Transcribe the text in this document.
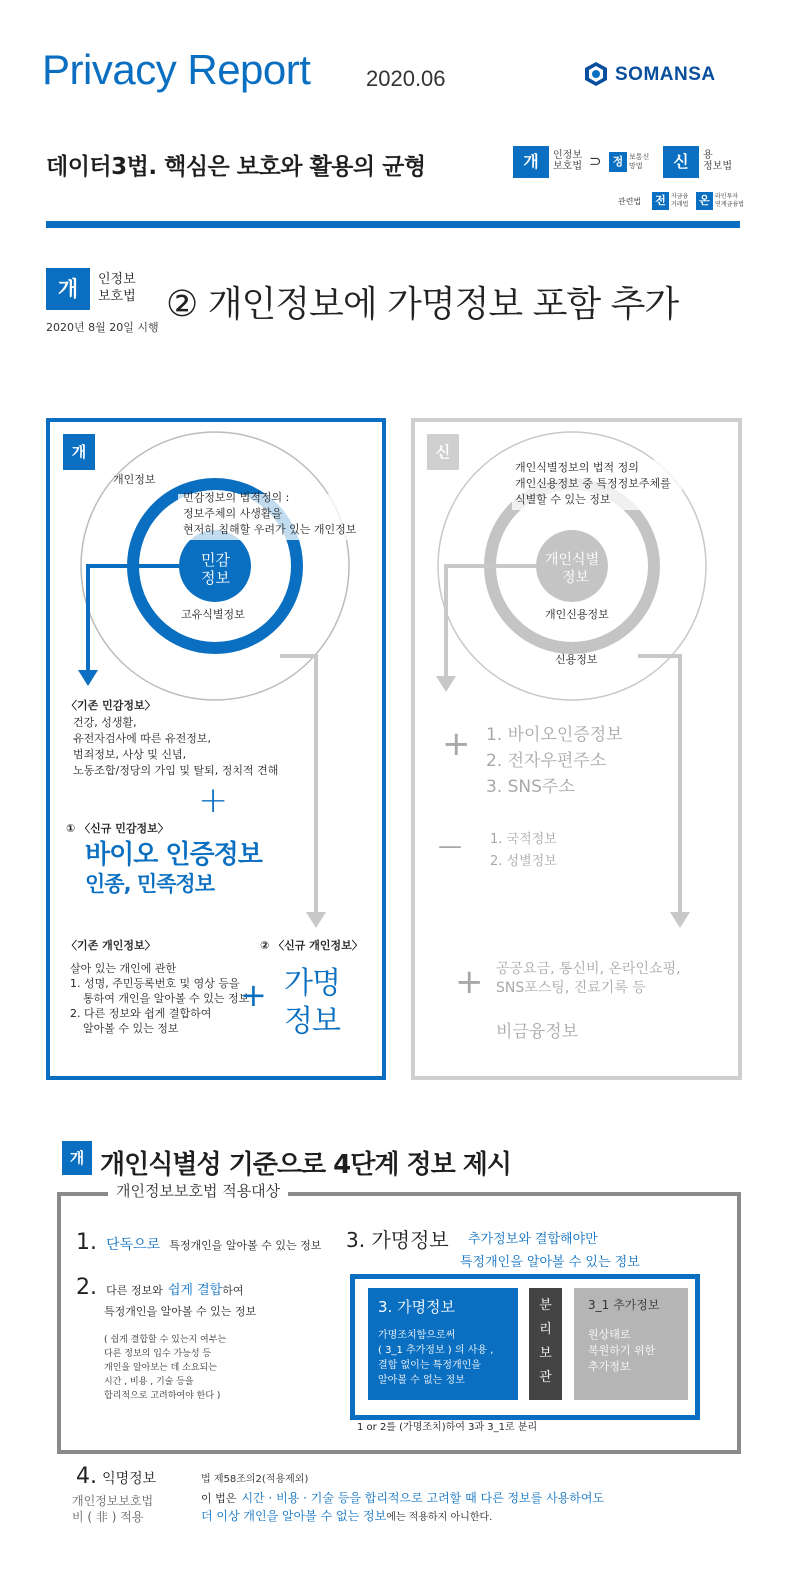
Privacy Report	2020.06	SOMANSA
데이터3법. 핵심은 보호와 활용의 균형	개	인정보
보호법 ⊃	정 보통신
망법	신	용
정보법
관련법 전 자금융
거래법 온 라인투자
연계금융법
개	인정보
보호법 ② 개인정보에 가명정보 포함 추가
2020년 8월 20일 시행
개
개인정보
민감정보의 법적정의 :
정보주체의 사생활을
현저히 침해할 우려가 있는 개인정보
민감
정보
고유식별정보
〈기존 민감정보〉
건강, 성생활,
유전자검사에 따른 유전정보,
범죄정보, 사상 및 신념,
노동조합/정당의 가입 및 탈퇴, 정치적 견해
+
① 〈신규 민감정보〉
바이오 인증정보
인종, 민족정보
〈기존 개인정보〉
살아 있는 개인에 관한
1. 성명, 주민등록번호 및 영상 등을
통하여 개인을 알아볼 수 있는 정보
2. 다른 정보와 쉽게 결합하여
알아볼 수 있는 정보
② 〈신규 개인정보〉
+ 가명
정보
신
개인식별정보의 법적 정의
개인신용정보 중 특정정보주체를
식별할 수 있는 정보
개인식별
정보
개인신용정보
신용정보
+ 1. 바이오인증정보
2. 전자우편주소
3. SNS주소
— 1. 국적정보
2. 성별정보
+ 공공요금, 통신비, 온라인쇼핑,
SNS포스팅, 진료기록 등
비금융정보
개 개인식별성 기준으로 4단계 정보 제시
개인정보보호법 적용대상
1. 단독으로 특정개인을 알아볼 수 있는 정보
2. 다른 정보와 쉽게 결합하여
특정개인을 알아볼 수 있는 정보
( 쉽게 결합할 수 있는지 여부는
다른 정보의 입수 가능성 등
개인을 알아보는 데 소요되는
시간 , 비용 , 기술 등을
합리적으로 고려하여야 한다 )
3. 가명정보 추가정보와 결합해야만
특정개인을 알아볼 수 있는 정보
3. 가명정보
가명조치함으로써
( 3_1 추가정보 ) 의 사용 ,
결합 없이는 특정개인을
알아볼 수 없는 정보
분
리
보
관
3_1 추가정보
원상태로
복원하기 위한
추가정보
1 or 2를 (가명조치)하여 3과 3_1로 분리
4. 익명정보
개인정보보호법
비 ( 非 ) 적용
법 제58조의2(적용제외)
이 법은 시간 · 비용 · 기술 등을 합리적으로 고려할 때 다른 정보를 사용하여도
더 이상 개인을 알아볼 수 없는 정보에는 적용하지 아니한다.
